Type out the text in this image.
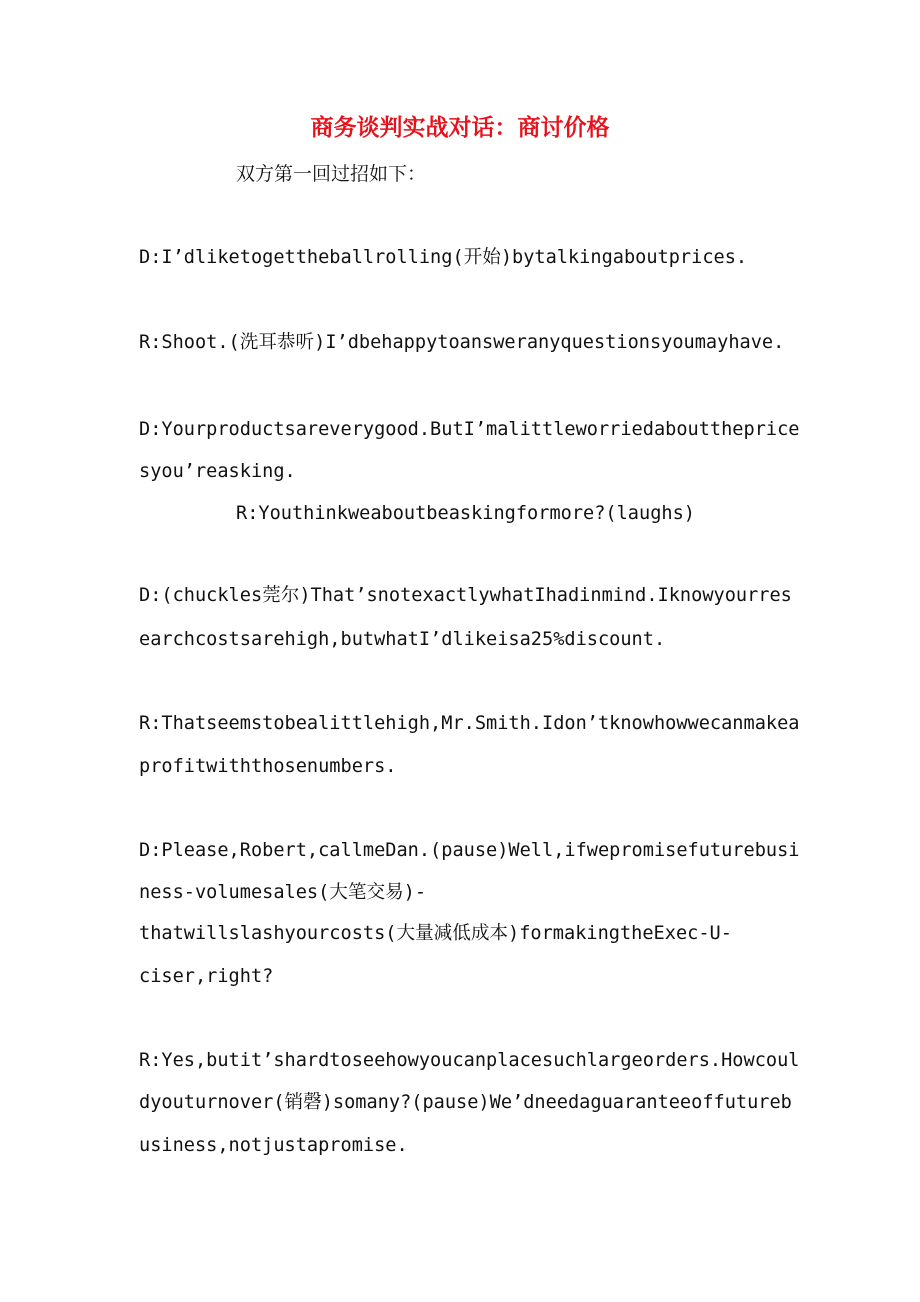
商务谈判实战对话：商讨价格
双方第一回过招如下：
D:I’dliketogettheballrolling(开始)bytalkingaboutprices.
R:Shoot.(洗耳恭听)I’dbehappytoansweranyquestionsyoumayhave.
D:Yourproductsareverygood.ButI’malittleworriedabouttheprice
syou’reasking.
R:Youthinkweaboutbeaskingformore?(laughs)
D:(chuckles莞尔)That’snotexactlywhatIhadinmind.Iknowyourres
earchcostsarehigh,butwhatI’dlikeisa25%discount.
R:Thatseemstobealittlehigh,Mr.Smith.Idon’tknowhowwecanmakea
profitwiththosenumbers.
D:Please,Robert,callmeDan.(pause)Well,ifwepromisefuturebusi
ness-volumesales(大笔交易)-
thatwillslashyourcosts(大量减低成本)formakingtheExec-U-
ciser,right?
R:Yes,butit’shardtoseehowyoucanplacesuchlargeorders.Howcoul
dyouturnover(销磬)somany?(pause)We’dneedaguaranteeoffutureb
usiness,notjustapromise.
